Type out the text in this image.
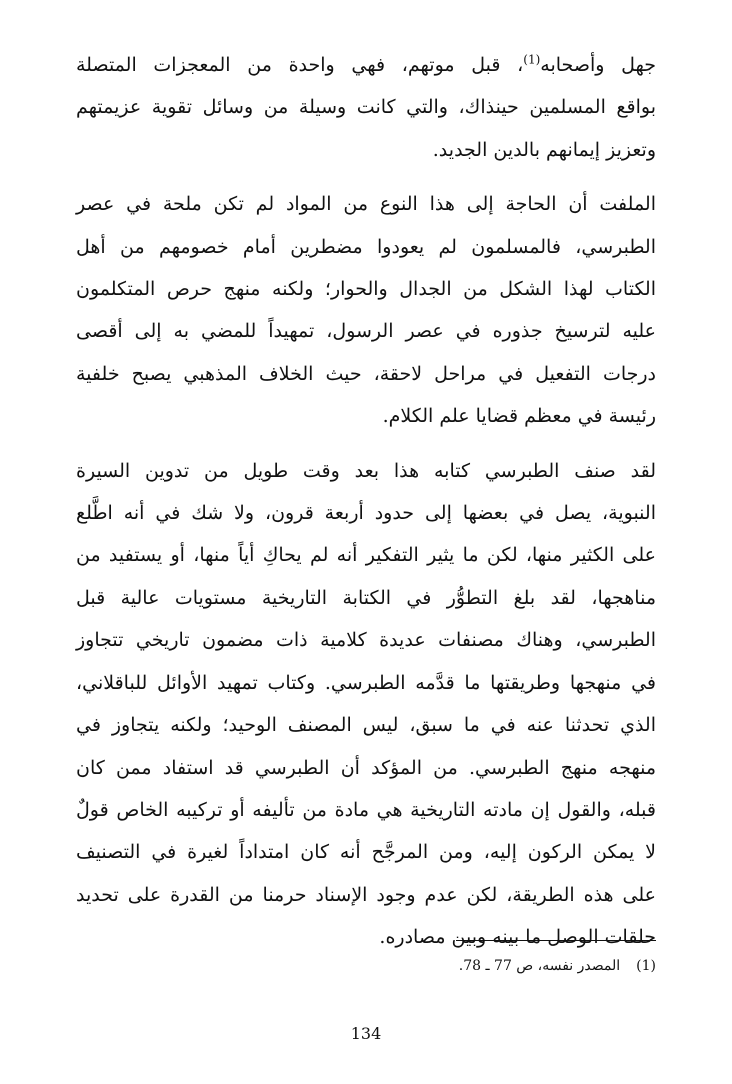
جهل وأصحابه$^{(1)}$، قبل موتهم، فهي واحدة من المعجزات المتصلة
بواقع المسلمين حينذاك، والتي كانت وسيلة من وسائل تقوية عزيمتهم
وتعزيز إيمانهم بالدين الجديد.

الملفت أن الحاجة إلى هذا النوع من المواد لم تكن ملحة في عصر
الطبرسي، فالمسلمون لم يعودوا مضطرين أمام خصومهم من أهل
الكتاب لهذا الشكل من الجدال والحوار؛ ولكنه منهج حرص المتكلمون
عليه لترسيخ جذوره في عصر الرسول، تمهيداً للمضي به إلى أقصى
درجات التفعيل في مراحل لاحقة، حيث الخلاف المذهبي يصبح خلفية
رئيسة في معظم قضايا علم الكلام.

لقد صنف الطبرسي كتابه هذا بعد وقت طويل من تدوين السيرة
النبوية، يصل في بعضها إلى حدود أربعة قرون، ولا شك في أنه اطَّلع
على الكثير منها، لكن ما يثير التفكير أنه لم يحاكِ أياً منها، أو يستفيد من
مناهجها، لقد بلغ التطوُّر في الكتابة التاريخية مستويات عالية قبل
الطبرسي، وهناك مصنفات عديدة كلامية ذات مضمون تاريخي تتجاوز
في منهجها وطريقتها ما قدَّمه الطبرسي. وكتاب تمهيد الأوائل للباقلاني،
الذي تحدثنا عنه في ما سبق، ليس المصنف الوحيد؛ ولكنه يتجاوز في
منهجه منهج الطبرسي. من المؤكد أن الطبرسي قد استفاد ممن كان
قبله، والقول إن مادته التاريخية هي مادة من تأليفه أو تركيبه الخاص قولٌ
لا يمكن الركون إليه، ومن المرجَّح أنه كان امتداداً لغيرة في التصنيف
على هذه الطريقة، لكن عدم وجود الإسناد حرمنا من القدرة على تحديد
حلقات الوصل ما بينه وبين مصادره.

(1)المصدر نفسه، ص 77 ـ 78.
134
